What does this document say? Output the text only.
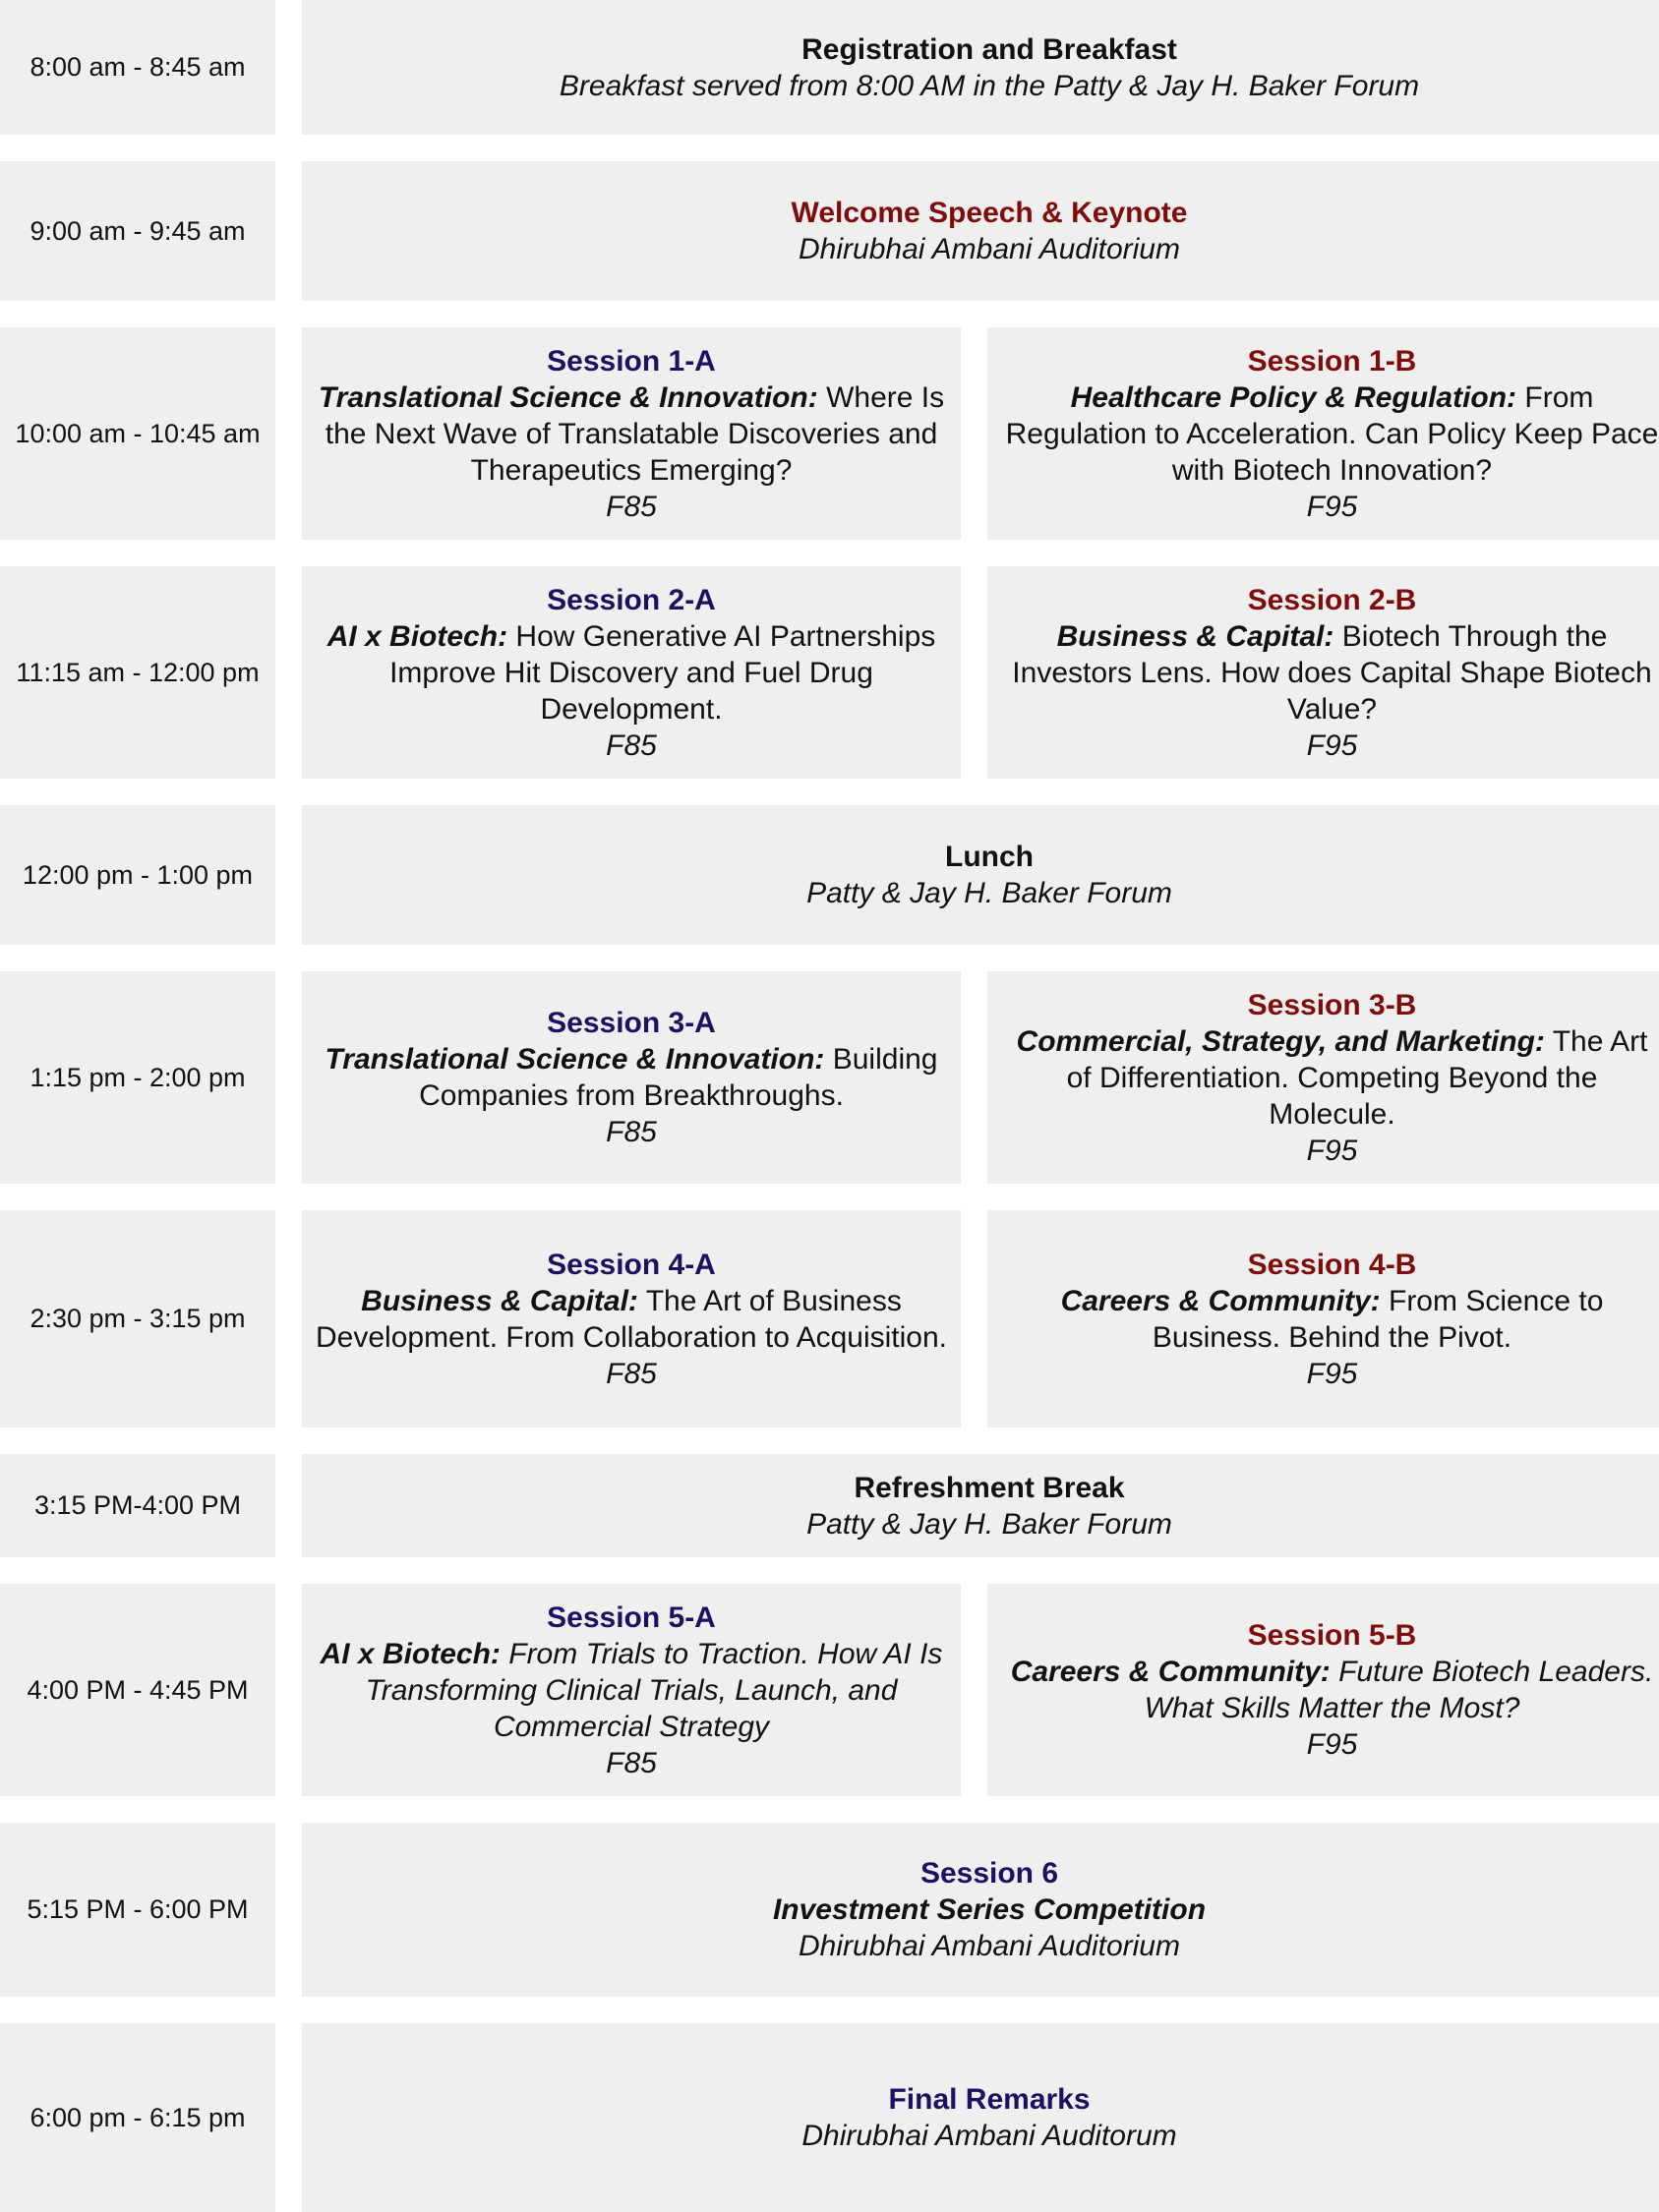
8:00 am - 8:45 am
Registration and Breakfast
Breakfast served from 8:00 AM in the Patty & Jay H. Baker Forum
9:00 am - 9:45 am
Welcome Speech & Keynote
Dhirubhai Ambani Auditorium
10:00 am - 10:45 am
Session 1-A
Translational Science & Innovation: Where Is the Next Wave of Translatable Discoveries and Therapeutics Emerging?
F85
Session 1-B
Healthcare Policy & Regulation: From Regulation to Acceleration. Can Policy Keep Pace with Biotech Innovation?
F95
11:15 am - 12:00 pm
Session 2-A
AI x Biotech: How Generative AI Partnerships Improve Hit Discovery and Fuel Drug Development.
F85
Session 2-B
Business & Capital: Biotech Through the Investors Lens. How does Capital Shape Biotech Value?
F95
12:00 pm - 1:00 pm
Lunch
Patty & Jay H. Baker Forum
1:15 pm - 2:00 pm
Session 3-A
Translational Science & Innovation: Building Companies from Breakthroughs.
F85
Session 3-B
Commercial, Strategy, and Marketing: The Art of Differentiation. Competing Beyond the Molecule.
F95
2:30 pm - 3:15 pm
Session 4-A
Business & Capital: The Art of Business Development. From Collaboration to Acquisition.
F85
Session 4-B
Careers & Community: From Science to Business. Behind the Pivot.
F95
3:15 PM-4:00 PM
Refreshment Break
Patty & Jay H. Baker Forum
4:00 PM - 4:45 PM
Session 5-A
AI x Biotech: From Trials to Traction. How AI Is Transforming Clinical Trials, Launch, and Commercial Strategy
F85
Session 5-B
Careers & Community: Future Biotech Leaders. What Skills Matter the Most?
F95
5:15 PM - 6:00 PM
Session 6
Investment Series Competition
Dhirubhai Ambani Auditorium
6:00 pm - 6:15 pm
Final Remarks
Dhirubhai Ambani Auditorum
